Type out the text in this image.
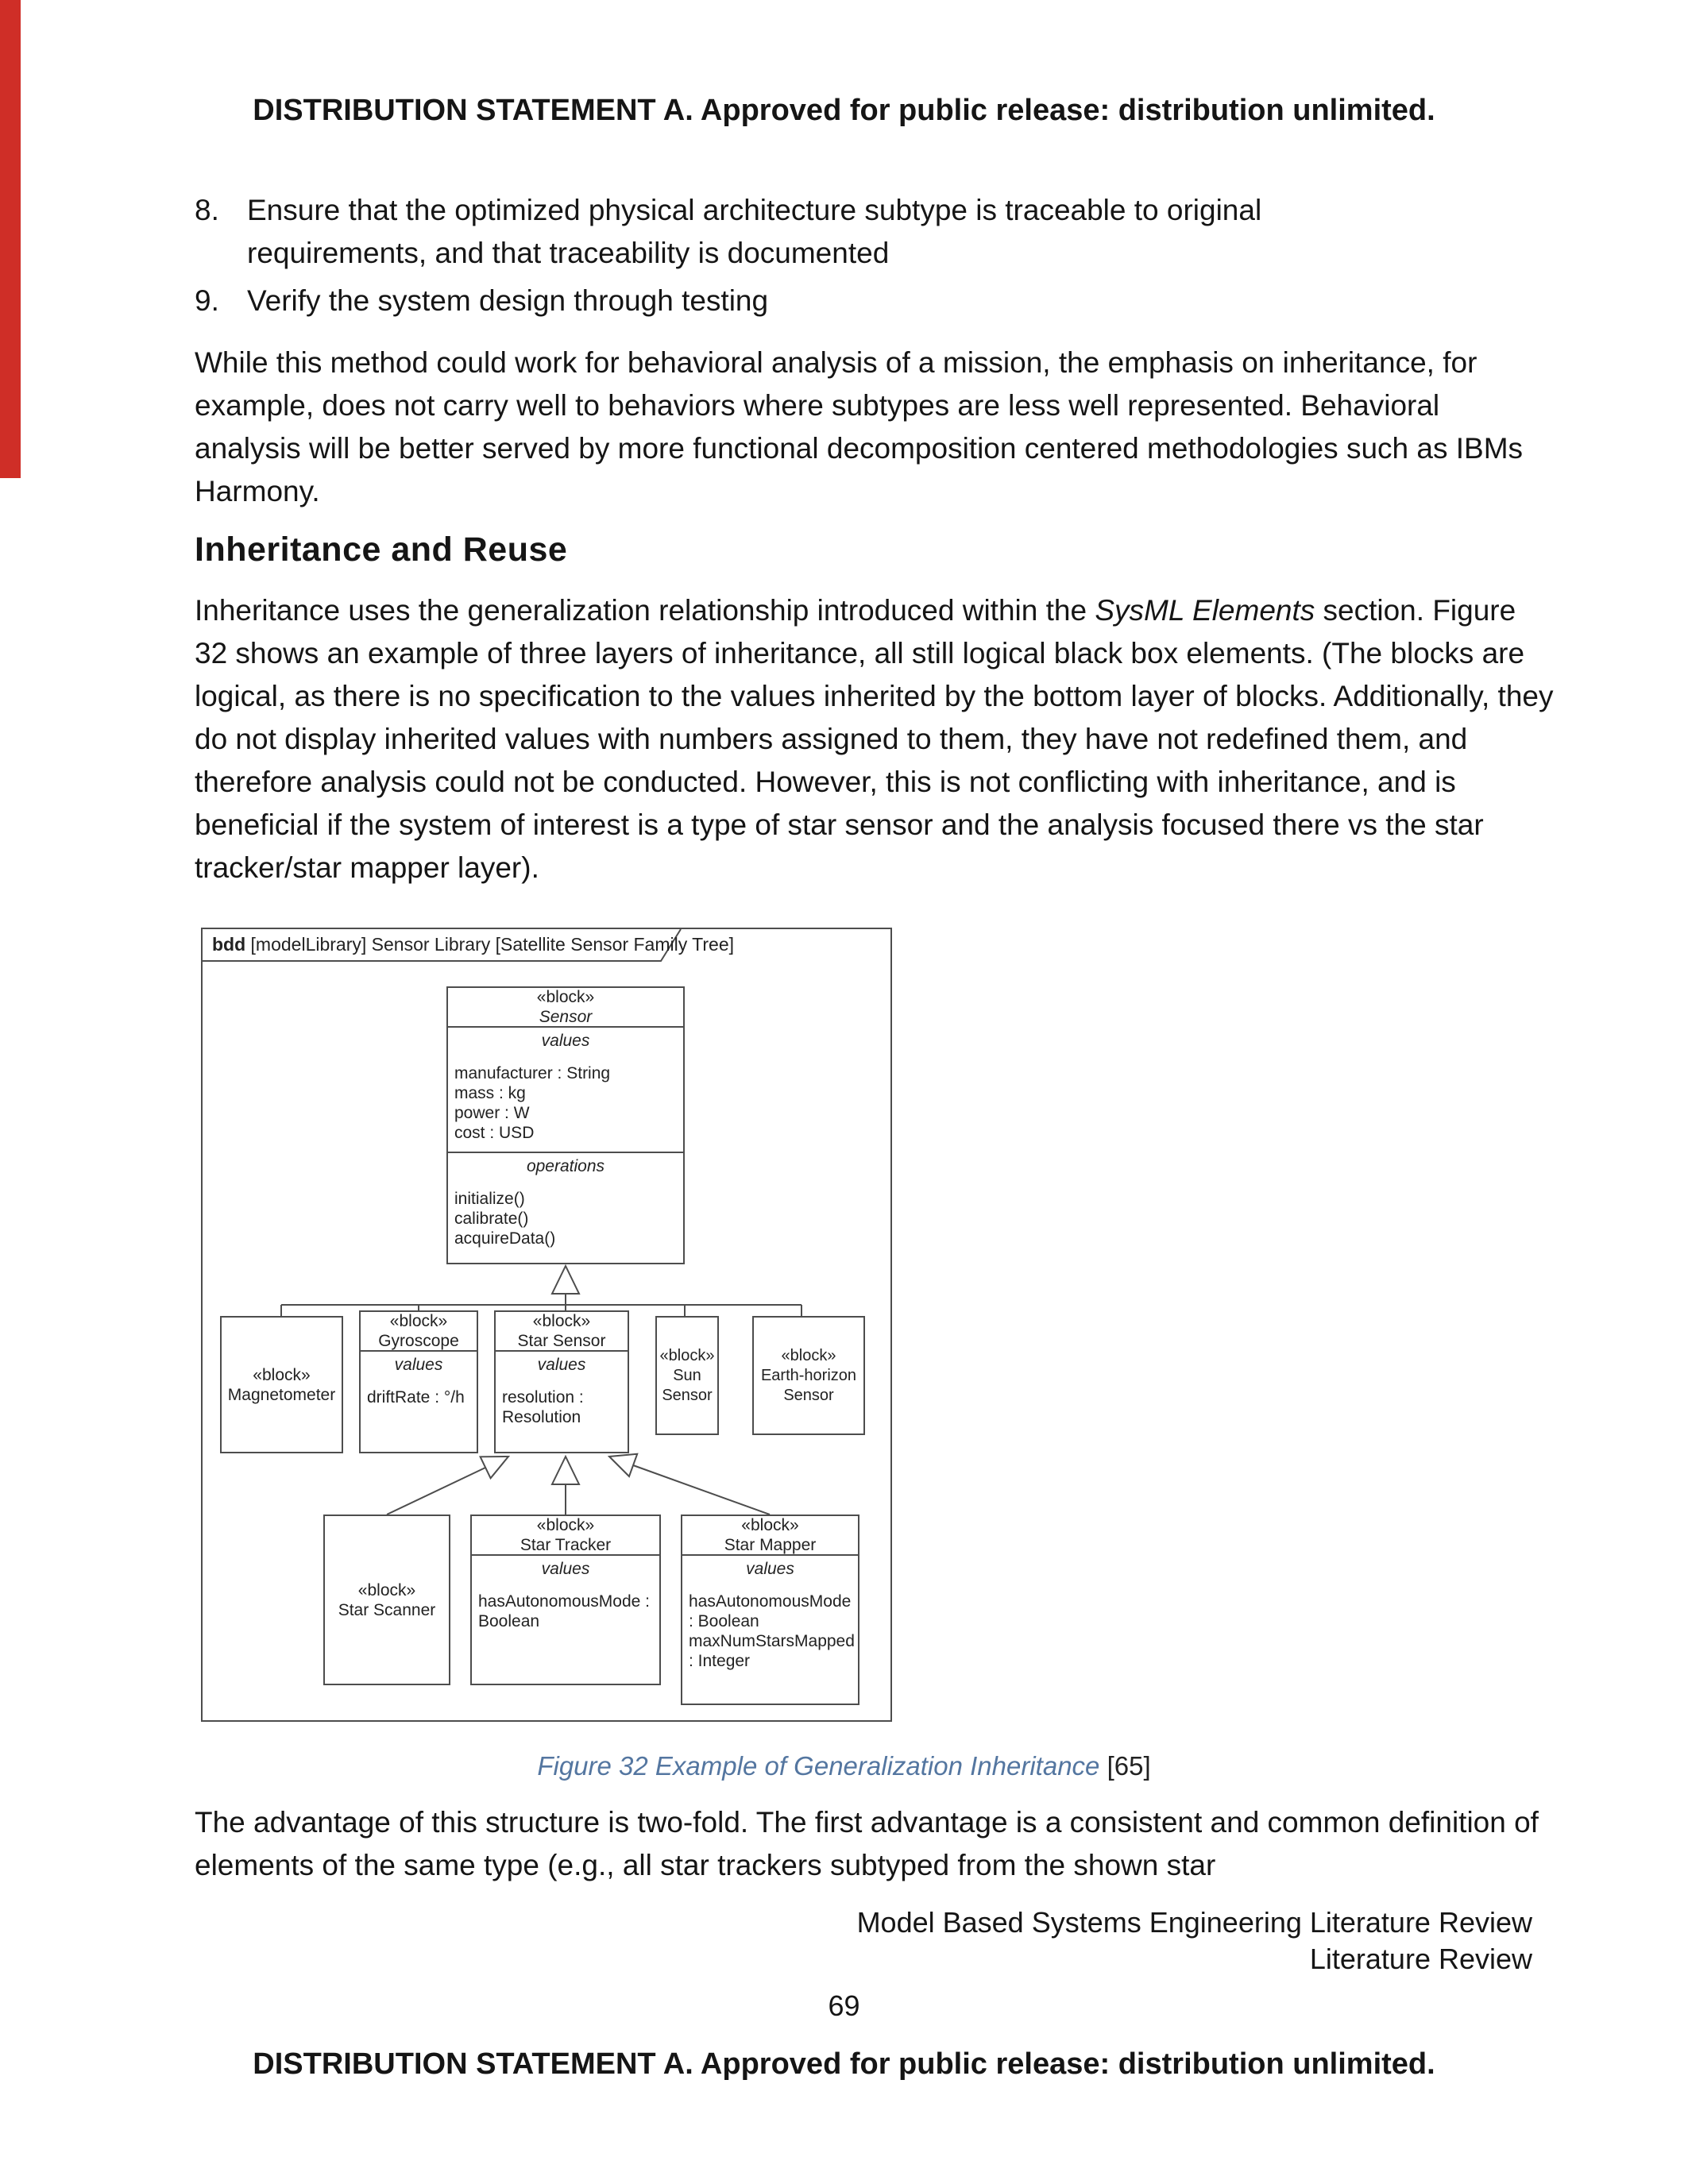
DISTRIBUTION STATEMENT A. Approved for public release: distribution unlimited.
8. Ensure that the optimized physical architecture subtype is traceable to original requirements, and that traceability is documented
9. Verify the system design through testing
While this method could work for behavioral analysis of a mission, the emphasis on inheritance, for example, does not carry well to behaviors where subtypes are less well represented. Behavioral analysis will be better served by more functional decomposition centered methodologies such as IBMs Harmony.
Inheritance and Reuse
Inheritance uses the generalization relationship introduced within the SysML Elements section. Figure 32 shows an example of three layers of inheritance, all still logical black box elements. (The blocks are logical, as there is no specification to the values inherited by the bottom layer of blocks. Additionally, they do not display inherited values with numbers assigned to them, they have not redefined them, and therefore analysis could not be conducted. However, this is not conflicting with inheritance, and is beneficial if the system of interest is a type of star sensor and the analysis focused there vs the star tracker/star mapper layer).
bdd [modelLibrary] Sensor Library [Satellite Sensor Family Tree]
«block»
Sensor
values
manufacturer : String
mass : kg
power : W
cost : USD
operations
initialize()
calibrate()
acquireData()
«block»
Magnetometer
«block»
Gyroscope
values
driftRate : °/h
«block»
Star Sensor
values
resolution : Resolution
«block»
Sun Sensor
«block»
Earth-horizon Sensor
«block»
Star Scanner
«block»
Star Tracker
values
hasAutonomousMode : Boolean
«block»
Star Mapper
values
hasAutonomousMode : Boolean
maxNumStarsMapped : Integer
Figure 32 Example of Generalization Inheritance [65]
The advantage of this structure is two-fold. The first advantage is a consistent and common definition of elements of the same type (e.g., all star trackers subtyped from the shown star
Model Based Systems Engineering Literature Review
Literature Review
69
DISTRIBUTION STATEMENT A. Approved for public release: distribution unlimited.
